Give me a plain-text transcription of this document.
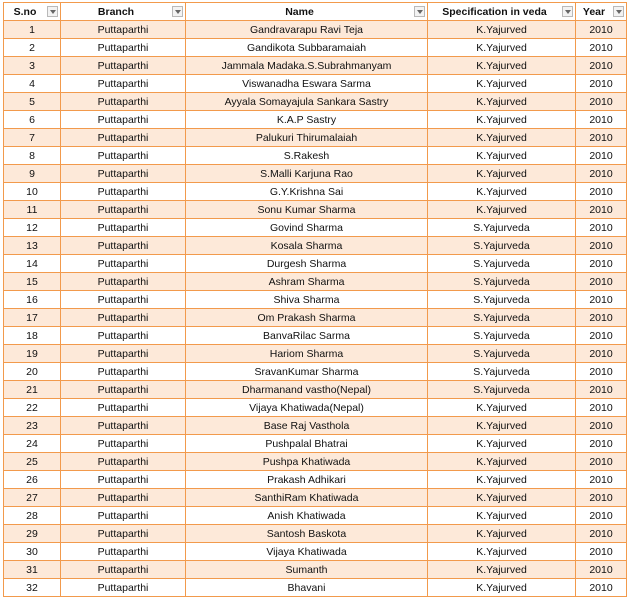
S.no	Branch	Name	Specification in veda	Year

1	Puttaparthi	Gandravarapu Ravi Teja	K.Yajurved	2010
2	Puttaparthi	Gandikota Subbaramaiah	K.Yajurved	2010
3	Puttaparthi	Jammala Madaka.S.Subrahmanyam	K.Yajurved	2010
4	Puttaparthi	Viswanadha Eswara Sarma	K.Yajurved	2010
5	Puttaparthi	Ayyala Somayajula Sankara Sastry	K.Yajurved	2010
6	Puttaparthi	K.A.P Sastry	K.Yajurved	2010
7	Puttaparthi	Palukuri Thirumalaiah	K.Yajurved	2010
8	Puttaparthi	S.Rakesh	K.Yajurved	2010
9	Puttaparthi	S.Malli Karjuna Rao	K.Yajurved	2010
10	Puttaparthi	G.Y.Krishna Sai	K.Yajurved	2010
11	Puttaparthi	Sonu Kumar Sharma	K.Yajurved	2010
12	Puttaparthi	Govind Sharma	S.Yajurveda	2010
13	Puttaparthi	Kosala Sharma	S.Yajurveda	2010
14	Puttaparthi	Durgesh Sharma	S.Yajurveda	2010
15	Puttaparthi	Ashram Sharma	S.Yajurveda	2010
16	Puttaparthi	Shiva Sharma	S.Yajurveda	2010
17	Puttaparthi	Om Prakash Sharma	S.Yajurveda	2010
18	Puttaparthi	BanvaRilac Sarma	S.Yajurveda	2010
19	Puttaparthi	Hariom Sharma	S.Yajurveda	2010
20	Puttaparthi	SravanKumar Sharma	S.Yajurveda	2010
21	Puttaparthi	Dharmanand vastho(Nepal)	S.Yajurveda	2010
22	Puttaparthi	Vijaya Khatiwada(Nepal)	K.Yajurved	2010
23	Puttaparthi	Base Raj Vasthola	K.Yajurved	2010
24	Puttaparthi	Pushpalal Bhatrai	K.Yajurved	2010
25	Puttaparthi	Pushpa Khatiwada	K.Yajurved	2010
26	Puttaparthi	Prakash Adhikari	K.Yajurved	2010
27	Puttaparthi	SanthiRam Khatiwada	K.Yajurved	2010
28	Puttaparthi	Anish Khatiwada	K.Yajurved	2010
29	Puttaparthi	Santosh Baskota	K.Yajurved	2010
30	Puttaparthi	Vijaya Khatiwada	K.Yajurved	2010
31	Puttaparthi	Sumanth	K.Yajurved	2010
32	Puttaparthi	Bhavani	K.Yajurved	2010
